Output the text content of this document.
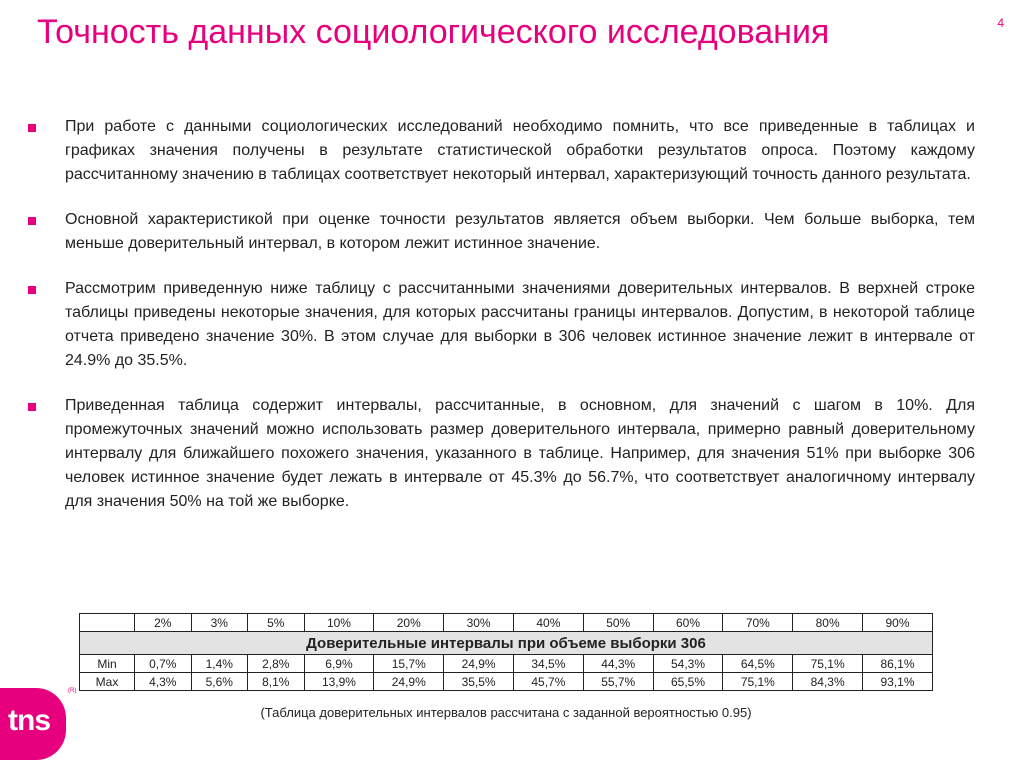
Точность данных социологического исследования	4
При работе с данными социологических исследований необходимо помнить, что все приведенные в таблицах и графиках значения получены в результате статистической обработки результатов опроса. Поэтому каждому рассчитанному значению в таблицах соответствует некоторый интервал, характеризующий точность данного результата.
Основной характеристикой при оценке точности результатов является объем выборки. Чем больше выборка, тем меньше доверительный интервал, в котором лежит истинное значение.
Рассмотрим приведенную ниже таблицу с рассчитанными значениями доверительных интервалов. В верхней строке таблицы приведены некоторые значения, для которых рассчитаны границы интервалов. Допустим, в некоторой таблице отчета приведено значение 30%. В этом случае для выборки в 306 человек истинное значение лежит в интервале от 24.9% до 35.5%.
Приведенная таблица содержит интервалы, рассчитанные, в основном, для значений с шагом в 10%. Для промежуточных значений можно использовать размер доверительного интервала, примерно равный доверительному интервалу для ближайшего похожего значения, указанного в таблице. Например, для значения 51% при выборке 306 человек истинное значение будет лежать в интервале от 45.3% до 56.7%, что соответствует аналогичному интервалу для значения 50% на той же выборке.
	2%	3%	5%	10%	20%	30%	40%	50%	60%	70%	80%	90%
Доверительные интервалы при объеме выборки 306												
Min	0,7%	1,4%	2,8%	6,9%	15,7%	24,9%	34,5%	44,3%	54,3%	64,5%	75,1%	86,1%
Max	4,3%	5,6%	8,1%	13,9%	24,9%	35,5%	45,7%	55,7%	65,5%	75,1%	84,3%	93,1%
(Таблица доверительных интервалов рассчитана с заданной вероятностью 0.95)
tns
(R)
